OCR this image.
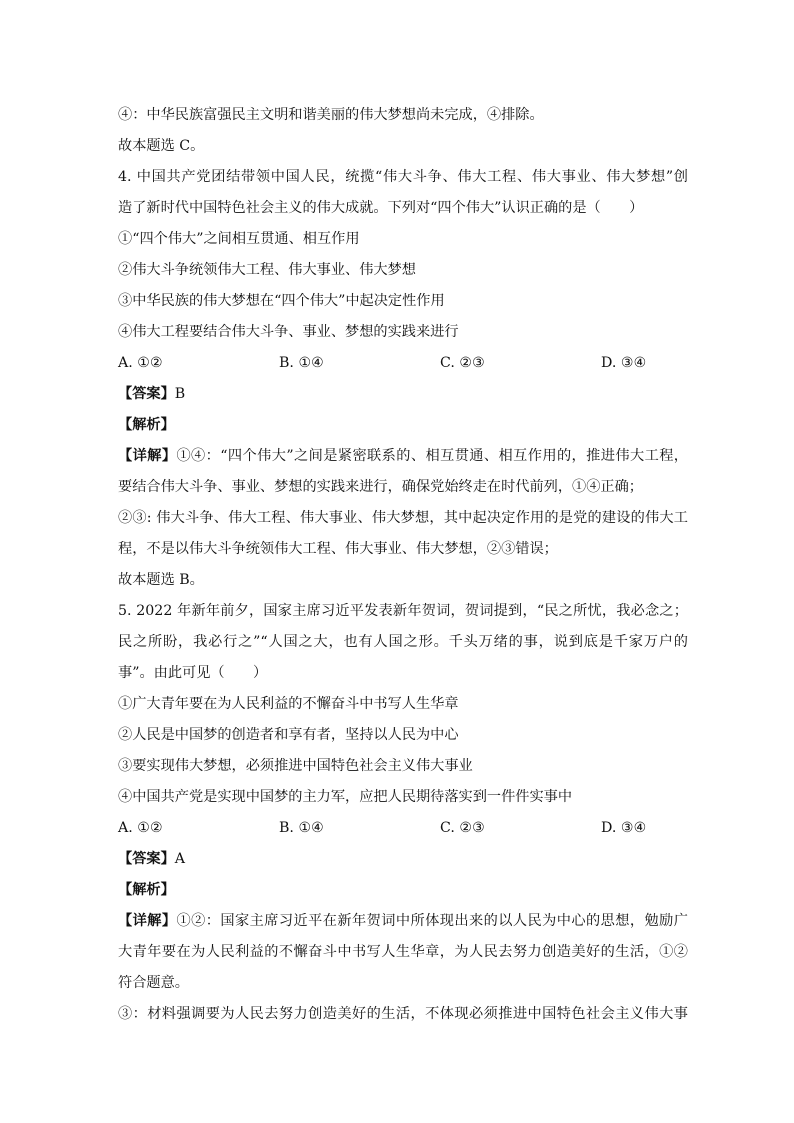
④：中华民族富强民主文明和谐美丽的伟大梦想尚未完成，④排除。
故本题选 C。
4. 中国共产党团结带领中国人民，统揽“伟大斗争、伟大工程、伟大事业、伟大梦想”创
造了新时代中国特色社会主义的伟大成就。下列对“四个伟大”认识正确的是（　　）
①“四个伟大”之间相互贯通、相互作用
②伟大斗争统领伟大工程、伟大事业、伟大梦想
③中华民族的伟大梦想在“四个伟大”中起决定性作用
④伟大工程要结合伟大斗争、事业、梦想的实践来进行
A. ①②	B. ①④	C. ②③	D. ③④
【答案】B
【解析】
【详解】①④：“四个伟大”之间是紧密联系的、相互贯通、相互作用的，推进伟大工程，
要结合伟大斗争、事业、梦想的实践来进行，确保党始终走在时代前列，①④正确；
②③: 伟大斗争、伟大工程、伟大事业、伟大梦想，其中起决定作用的是党的建设的伟大工
程，不是以伟大斗争统领伟大工程、伟大事业、伟大梦想，②③错误；
故本题选 B。
5. 2022 年新年前夕，国家主席习近平发表新年贺词，贺词提到，“民之所忧，我必念之；
民之所盼，我必行之”“人国之大，也有人国之形。千头万绪的事，说到底是千家万户的
事”。由此可见（　　）
①广大青年要在为人民利益的不懈奋斗中书写人生华章
②人民是中国梦的创造者和享有者，坚持以人民为中心
③要实现伟大梦想，必须推进中国特色社会主义伟大事业
④中国共产党是实现中国梦的主力军，应把人民期待落实到一件件实事中
A. ①②	B. ①④	C. ②③	D. ③④
【答案】A
【解析】
【详解】①②：国家主席习近平在新年贺词中所体现出来的以人民为中心的思想，勉励广
大青年要在为人民利益的不懈奋斗中书写人生华章，为人民去努力创造美好的生活，①②
符合题意。
③：材料强调要为人民去努力创造美好的生活，不体现必须推进中国特色社会主义伟大事
